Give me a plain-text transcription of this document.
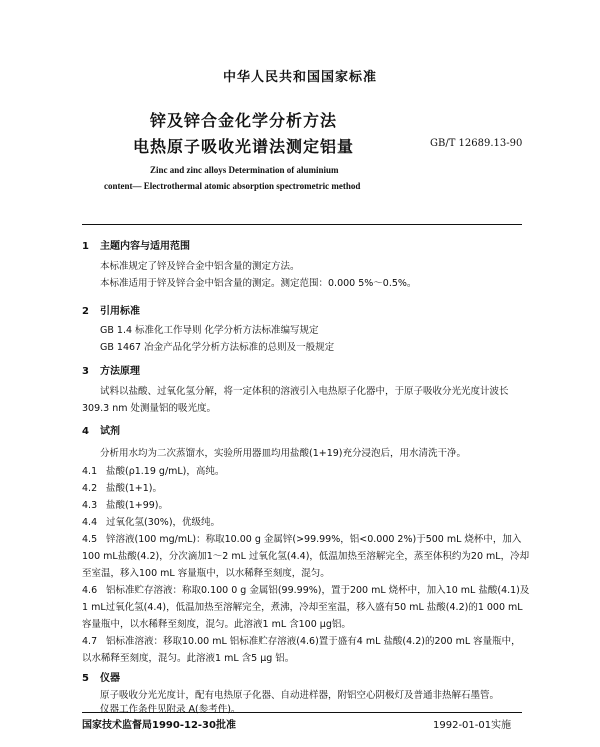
中华人民共和国国家标准
锌及锌合金化学分析方法
电热原子吸收光谱法测定铝量	GB/T 12689.13-90
Zinc and zinc alloys Determination of aluminium
content— Electrothermal atomic absorption spectrometric method
1 主题内容与适用范围
本标准规定了锌及锌合金中铝含量的测定方法。
本标准适用于锌及锌合金中铝含量的测定。测定范围：0.000 5%～0.5%。
2 引用标准
GB 1.4 标准化工作导则 化学分析方法标准编写规定
GB 1467 冶金产品化学分析方法标准的总则及一般规定
3 方法原理
试料以盐酸、过氧化氢分解，将一定体积的溶液引入电热原子化器中，于原子吸收分光光度计波长
309.3 nm 处测量铝的吸光度。
4 试剂
分析用水均为二次蒸馏水，实验所用器皿均用盐酸(1+19)充分浸泡后，用水清洗干净。
4.1 盐酸(ρ1.19 g/mL)，高纯。
4.2 盐酸(1+1)。
4.3 盐酸(1+99)。
4.4 过氧化氢(30%)，优级纯。
4.5 锌溶液(100 mg/mL)：称取10.00 g 金属锌(>99.99%，铝<0.000 2%)于500 mL 烧杯中，加入
100 mL盐酸(4.2)，分次滴加1～2 mL 过氧化氢(4.4)，低温加热至溶解完全，蒸至体积约为20 mL，冷却
至室温，移入100 mL 容量瓶中，以水稀释至刻度，混匀。
4.6 铝标准贮存溶液：称取0.100 0 g 金属铝(99.99%)，置于200 mL 烧杯中，加入10 mL 盐酸(4.1)及
1 mL过氧化氢(4.4)，低温加热至溶解完全，煮沸，冷却至室温，移入盛有50 mL 盐酸(4.2)的1 000 mL
容量瓶中，以水稀释至刻度，混匀。此溶液1 mL 含100 μg铝。
4.7 铝标准溶液：移取10.00 mL 铝标准贮存溶液(4.6)置于盛有4 mL 盐酸(4.2)的200 mL 容量瓶中，
以水稀释至刻度，混匀。此溶液1 mL 含5 μg 铝。
5 仪器
原子吸收分光光度计，配有电热原子化器、自动进样器，附铝空心阴极灯及普通非热解石墨管。
仪器工作条件见附录 A(参考件)。
国家技术监督局1990-12-30批准	1992-01-01实施
